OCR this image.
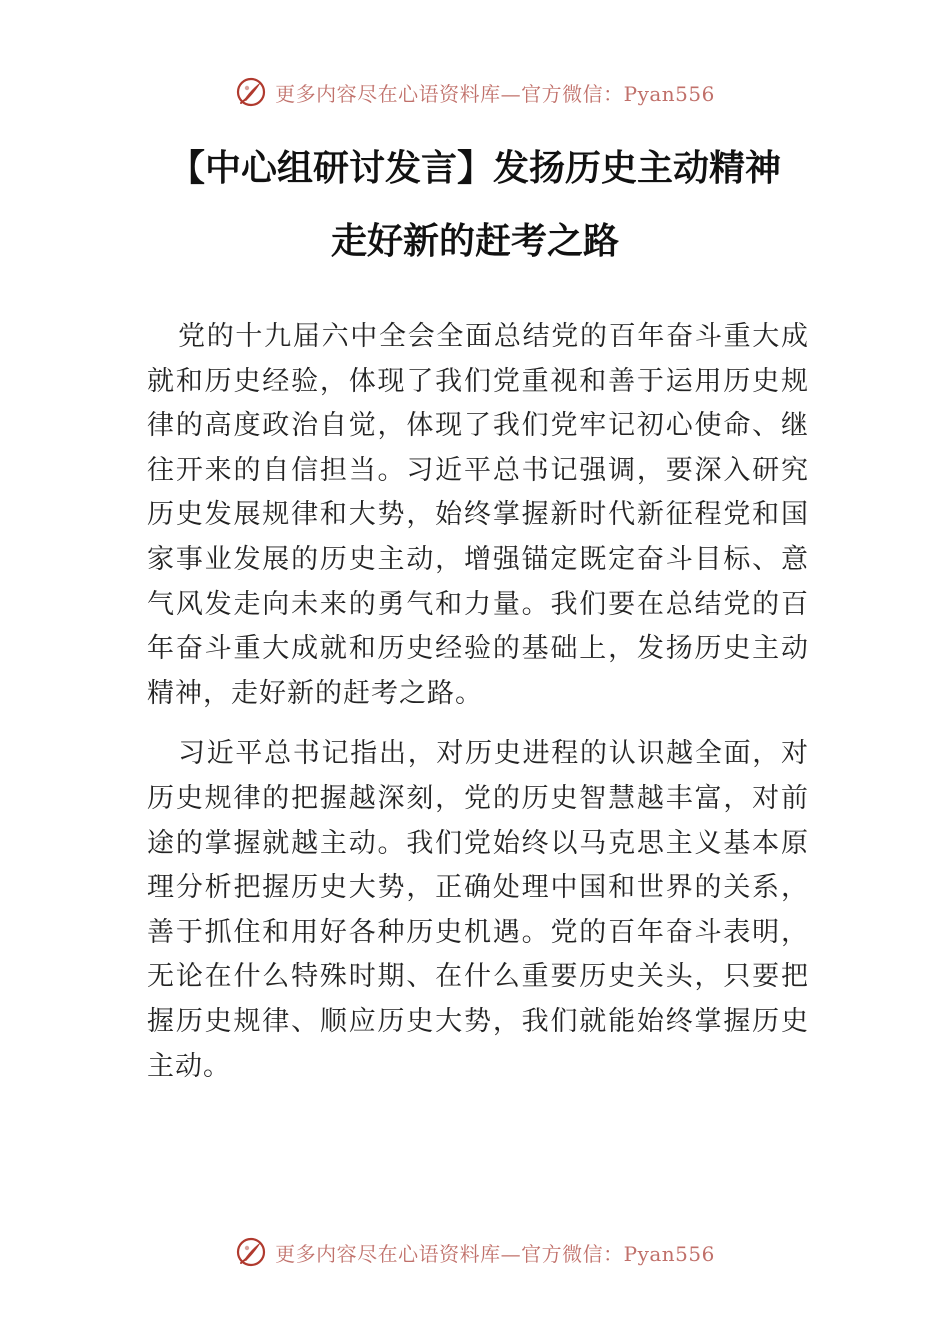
更多内容尽在心语资料库—官方微信：Pyan556
【中心组研讨发言】发扬历史主动精神
走好新的赶考之路

党的十九届六中全会全面总结党的百年奋斗重大成就和历史经验，体现了我们党重视和善于运用历史规律的高度政治自觉，体现了我们党牢记初心使命、继往开来的自信担当。习近平总书记强调，要深入研究历史发展规律和大势，始终掌握新时代新征程党和国家事业发展的历史主动，增强锚定既定奋斗目标、意气风发走向未来的勇气和力量。我们要在总结党的百年奋斗重大成就和历史经验的基础上，发扬历史主动精神，走好新的赶考之路。

习近平总书记指出，对历史进程的认识越全面，对历史规律的把握越深刻，党的历史智慧越丰富，对前途的掌握就越主动。我们党始终以马克思主义基本原理分析把握历史大势，正确处理中国和世界的关系，善于抓住和用好各种历史机遇。党的百年奋斗表明，无论在什么特殊时期、在什么重要历史关头，只要把握历史规律、顺应历史大势，我们就能始终掌握历史主动。

更多内容尽在心语资料库—官方微信：Pyan556
